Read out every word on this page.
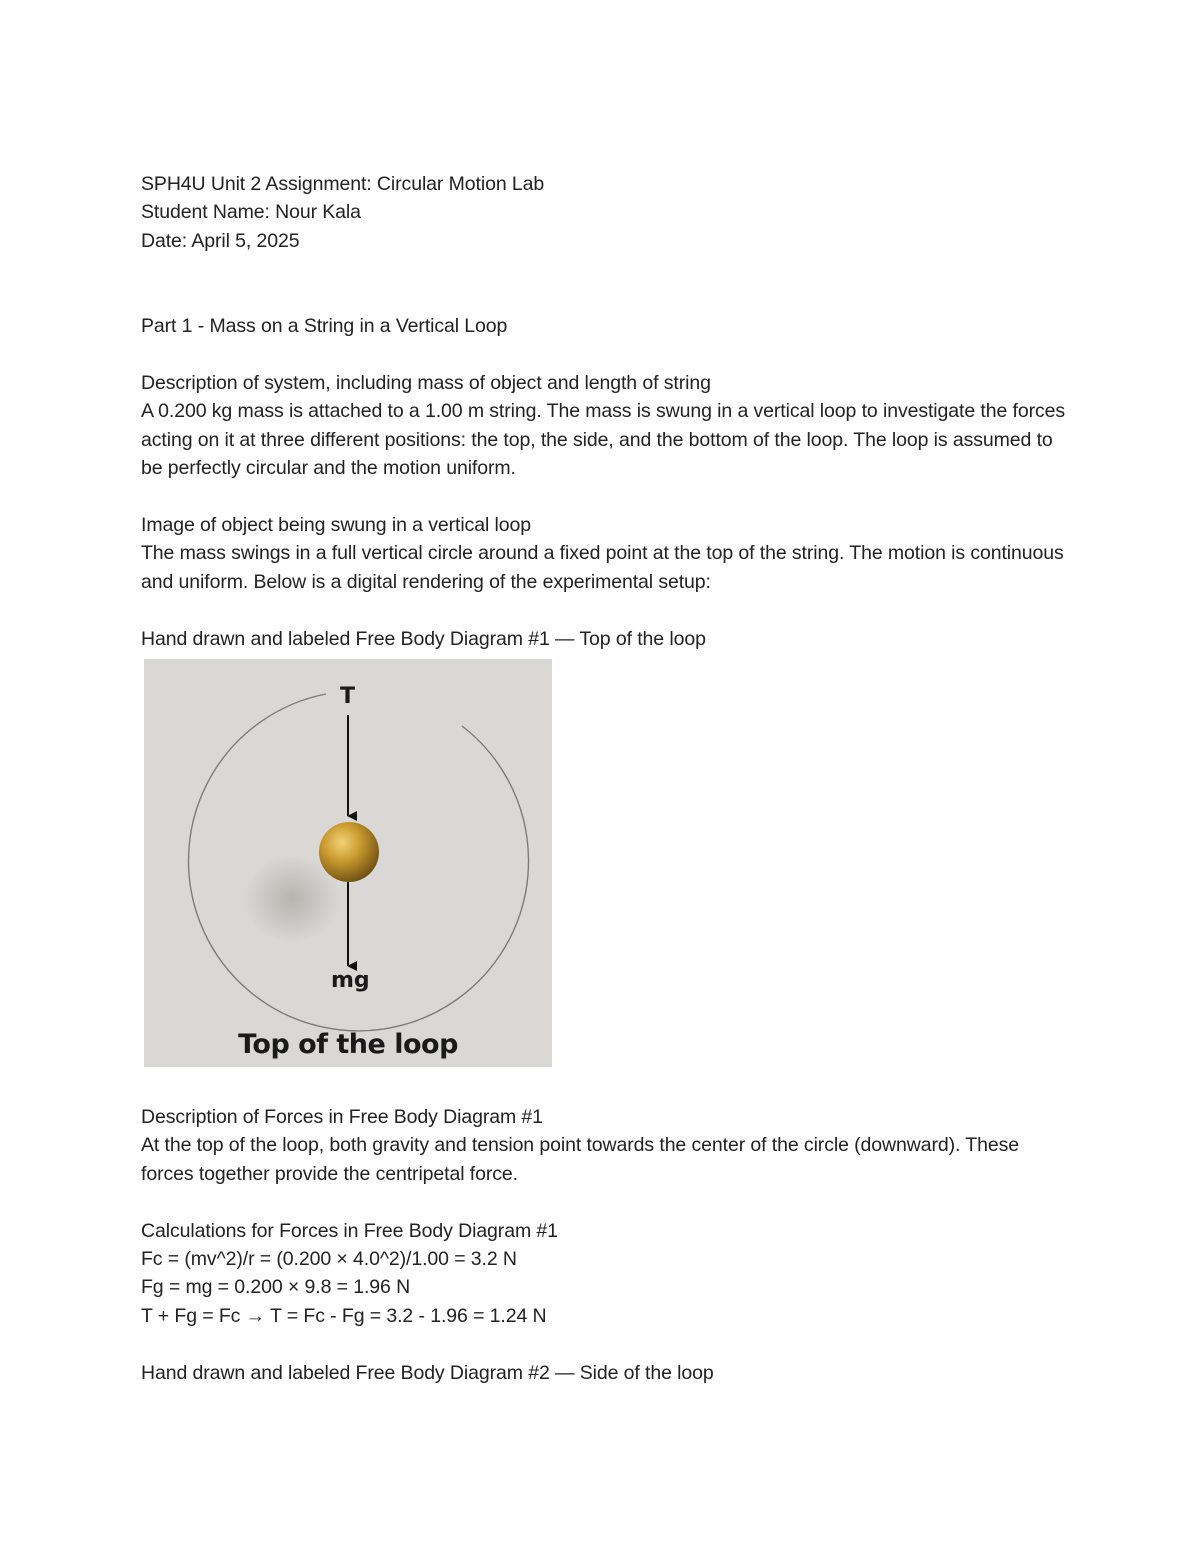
SPH4U Unit 2 Assignment: Circular Motion Lab
Student Name: Nour Kala
Date: April 5, 2025
Part 1 - Mass on a String in a Vertical Loop
Description of system, including mass of object and length of string
A 0.200 kg mass is attached to a 1.00 m string. The mass is swung in a vertical loop to investigate the forces acting on it at three different positions: the top, the side, and the bottom of the loop. The loop is assumed to be perfectly circular and the motion uniform.
Image of object being swung in a vertical loop
The mass swings in a full vertical circle around a fixed point at the top of the string. The motion is continuous and uniform. Below is a digital rendering of the experimental setup:
Hand drawn and labeled Free Body Diagram #1 — Top of the loop
T
mg
Top of the loop
Description of Forces in Free Body Diagram #1
At the top of the loop, both gravity and tension point towards the center of the circle (downward). These forces together provide the centripetal force.
Calculations for Forces in Free Body Diagram #1
Fc = (mv^2)/r = (0.200 × 4.0^2)/1.00 = 3.2 N
Fg = mg = 0.200 × 9.8 = 1.96 N
T + Fg = Fc → T = Fc - Fg = 3.2 - 1.96 = 1.24 N
Hand drawn and labeled Free Body Diagram #2 — Side of the loop
